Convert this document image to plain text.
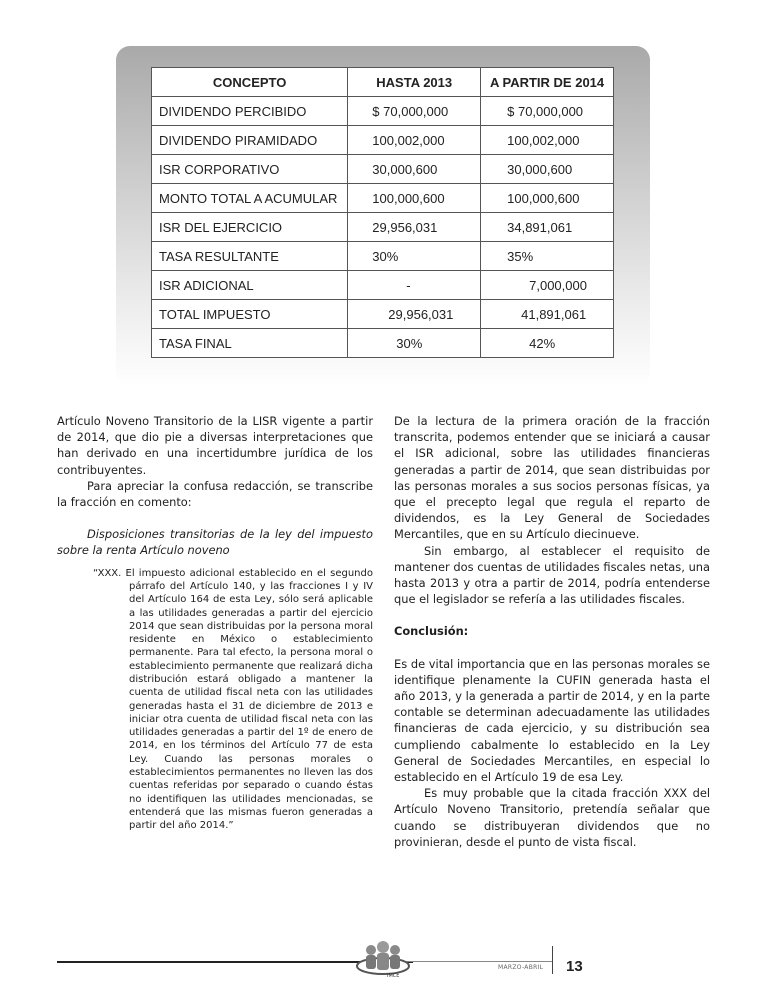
CONCEPTO	HASTA 2013	A PARTIR DE 2014
DIVIDENDO PERCIBIDO	$ 70,000,000	$ 70,000,000
DIVIDENDO PIRAMIDADO	100,002,000	100,002,000
ISR CORPORATIVO	30,000,600	30,000,600
MONTO TOTAL A ACUMULAR	100,000,600	100,000,600
ISR DEL EJERCICIO	29,956,031	34,891,061
TASA RESULTANTE	30%	35%
ISR ADICIONAL	-	7,000,000
TOTAL IMPUESTO	29,956,031	41,891,061
TASA FINAL	30%	42%

Artículo Noveno Transitorio de la LISR vigente a partir de 2014, que dio pie a diversas interpretaciones que han derivado en una incertidumbre jurídica de los contribuyentes.

Para apreciar la confusa redacción, se transcribe la fracción en comento:

Disposiciones transitorias de la ley del impuesto sobre la renta Artículo noveno

“XXX. El impuesto adicional establecido en el segundo párrafo del Artículo 140, y las fracciones I y IV del Artículo 164 de esta Ley, sólo será aplicable a las utilidades generadas a partir del ejercicio 2014 que sean distribuidas por la persona moral residente en México o establecimiento permanente. Para tal efecto, la persona moral o establecimiento permanente que realizará dicha distribución estará obligado a mantener la cuenta de utilidad fiscal neta con las utilidades generadas hasta el 31 de diciembre de 2013 e iniciar otra cuenta de utilidad fiscal neta con las utilidades generadas a partir del 1º de enero de 2014, en los términos del Artículo 77 de esta Ley. Cuando las personas morales o establecimientos permanentes no lleven las dos cuentas referidas por separado o cuando éstas no identifiquen las utilidades mencionadas, se entenderá que las mismas fueron generadas a partir del año 2014.”

De la lectura de la primera oración de la fracción transcrita, podemos entender que se iniciará a causar el ISR adicional, sobre las utilidades financieras generadas a partir de 2014, que sean distribuidas por las personas morales a sus socios personas físicas, ya que el precepto legal que regula el reparto de dividendos, es la Ley General de Sociedades Mercantiles, que en su Artículo diecinueve.

Sin embargo, al establecer el requisito de mantener dos cuentas de utilidades fiscales netas, una hasta 2013 y otra a partir de 2014, podría entenderse que el legislador se refería a las utilidades fiscales.

Conclusión:

Es de vital importancia que en las personas morales se identifique plenamente la CUFIN generada hasta el año 2013, y la generada a partir de 2014, y en la parte contable se determinan adecuadamente las utilidades financieras de cada ejercicio, y su distribución sea cumpliendo cabalmente lo establecido en la Ley General de Sociedades Mercantiles, en especial lo establecido en el Artículo 19 de esa Ley.

Es muy probable que la citada fracción XXX del Artículo Noveno Transitorio, pretendía señalar que cuando se distribuyeran dividendos que no provinieran, desde el punto de vista fiscal.

IMCE
MARZO-ABRIL 13
